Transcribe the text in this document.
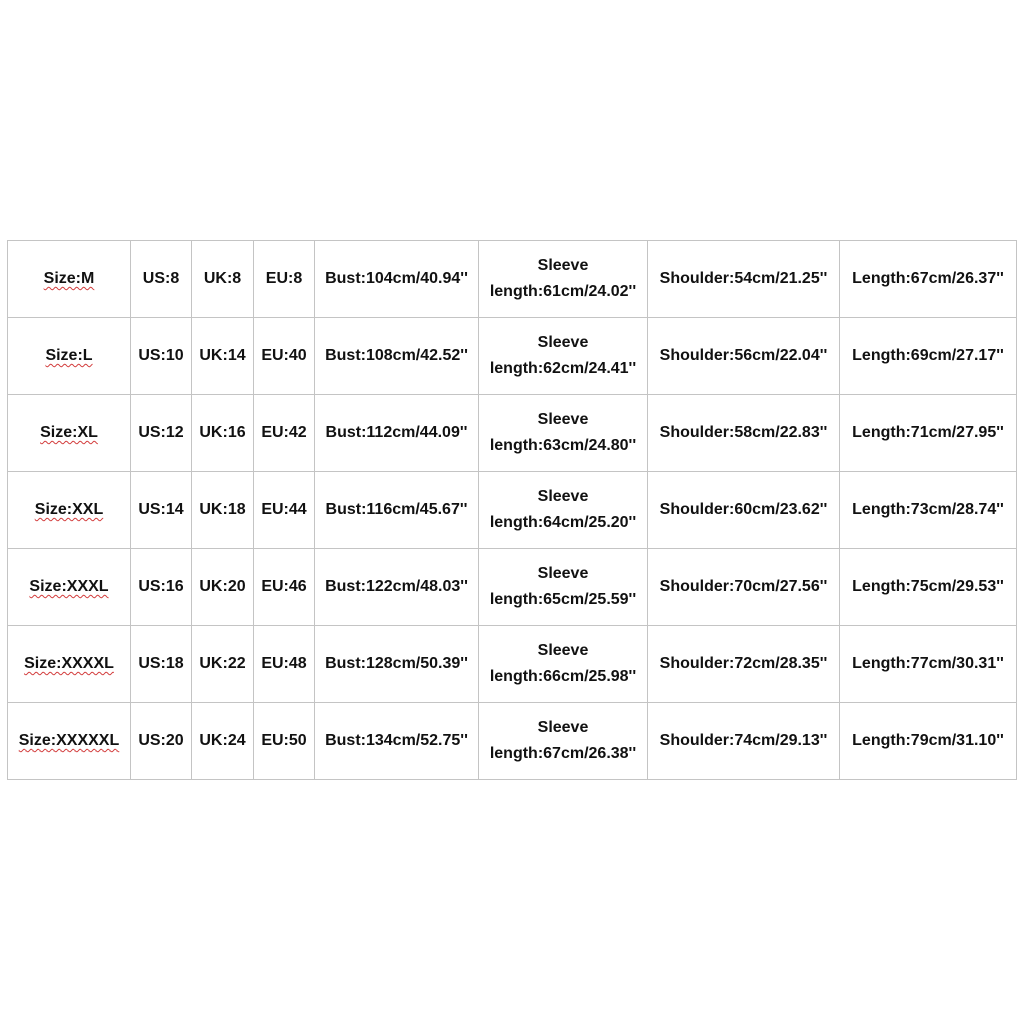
Size:M	US:8	UK:8	EU:8	Bust:104cm/40.94''	Sleeve
length:61cm/24.02''	Shoulder:54cm/21.25''	Length:67cm/26.37''
Size:L	US:10	UK:14	EU:40	Bust:108cm/42.52''	Sleeve
length:62cm/24.41''	Shoulder:56cm/22.04''	Length:69cm/27.17''
Size:XL	US:12	UK:16	EU:42	Bust:112cm/44.09''	Sleeve
length:63cm/24.80''	Shoulder:58cm/22.83''	Length:71cm/27.95''
Size:XXL	US:14	UK:18	EU:44	Bust:116cm/45.67''	Sleeve
length:64cm/25.20''	Shoulder:60cm/23.62''	Length:73cm/28.74''
Size:XXXL	US:16	UK:20	EU:46	Bust:122cm/48.03''	Sleeve
length:65cm/25.59''	Shoulder:70cm/27.56''	Length:75cm/29.53''
Size:XXXXL	US:18	UK:22	EU:48	Bust:128cm/50.39''	Sleeve
length:66cm/25.98''	Shoulder:72cm/28.35''	Length:77cm/30.31''
Size:XXXXXL	US:20	UK:24	EU:50	Bust:134cm/52.75''	Sleeve
length:67cm/26.38''	Shoulder:74cm/29.13''	Length:79cm/31.10''
